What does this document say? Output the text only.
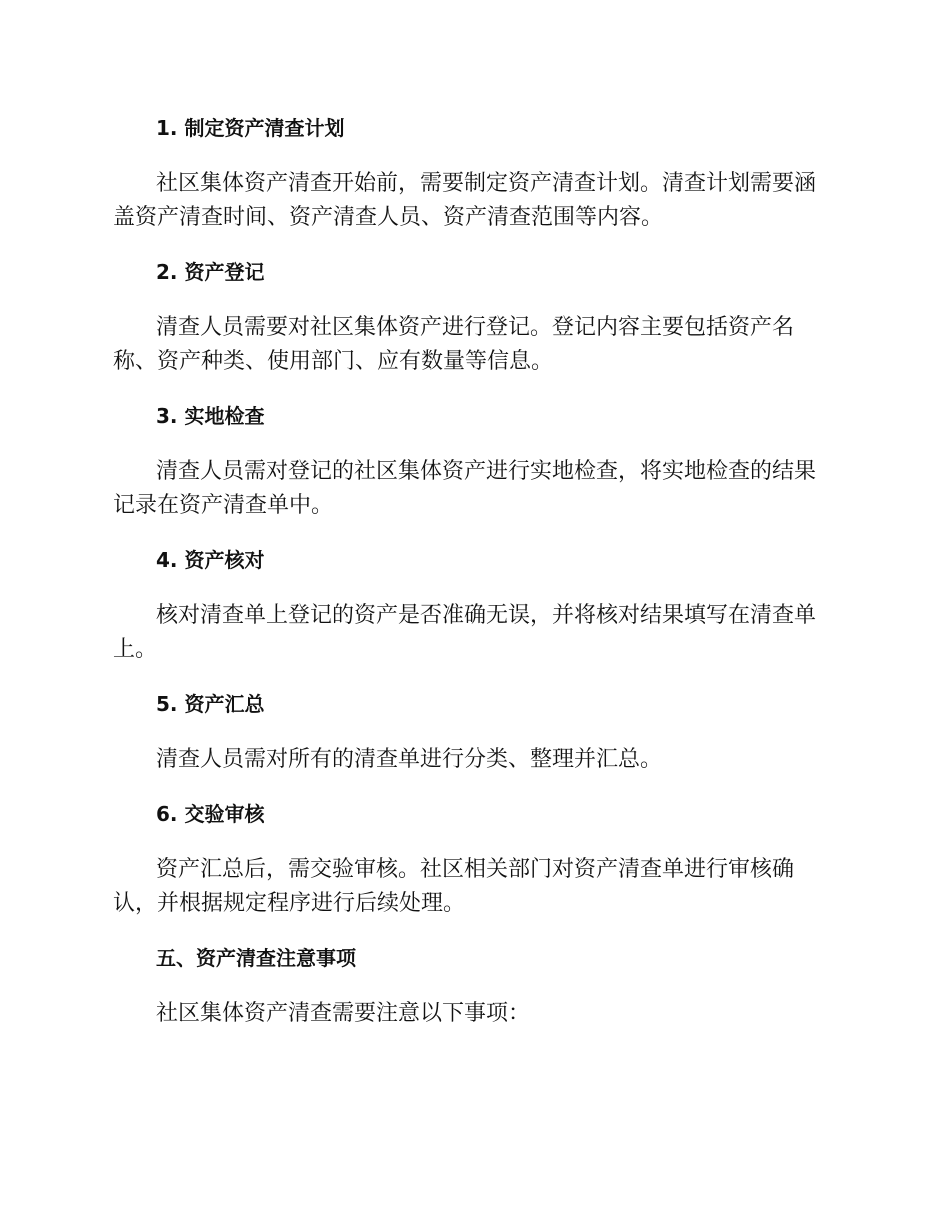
1. 制定资产清查计划

社区集体资产清查开始前，需要制定资产清查计划。清查计划需要涵盖资产清查时间、资产清查人员、资产清查范围等内容。

2. 资产登记

清查人员需要对社区集体资产进行登记。登记内容主要包括资产名称、资产种类、使用部门、应有数量等信息。

3. 实地检查

清查人员需对登记的社区集体资产进行实地检查，将实地检查的结果记录在资产清查单中。

4. 资产核对

核对清查单上登记的资产是否准确无误，并将核对结果填写在清查单上。

5. 资产汇总

清查人员需对所有的清查单进行分类、整理并汇总。

6. 交验审核

资产汇总后，需交验审核。社区相关部门对资产清查单进行审核确认，并根据规定程序进行后续处理。

五、资产清查注意事项

社区集体资产清查需要注意以下事项：
